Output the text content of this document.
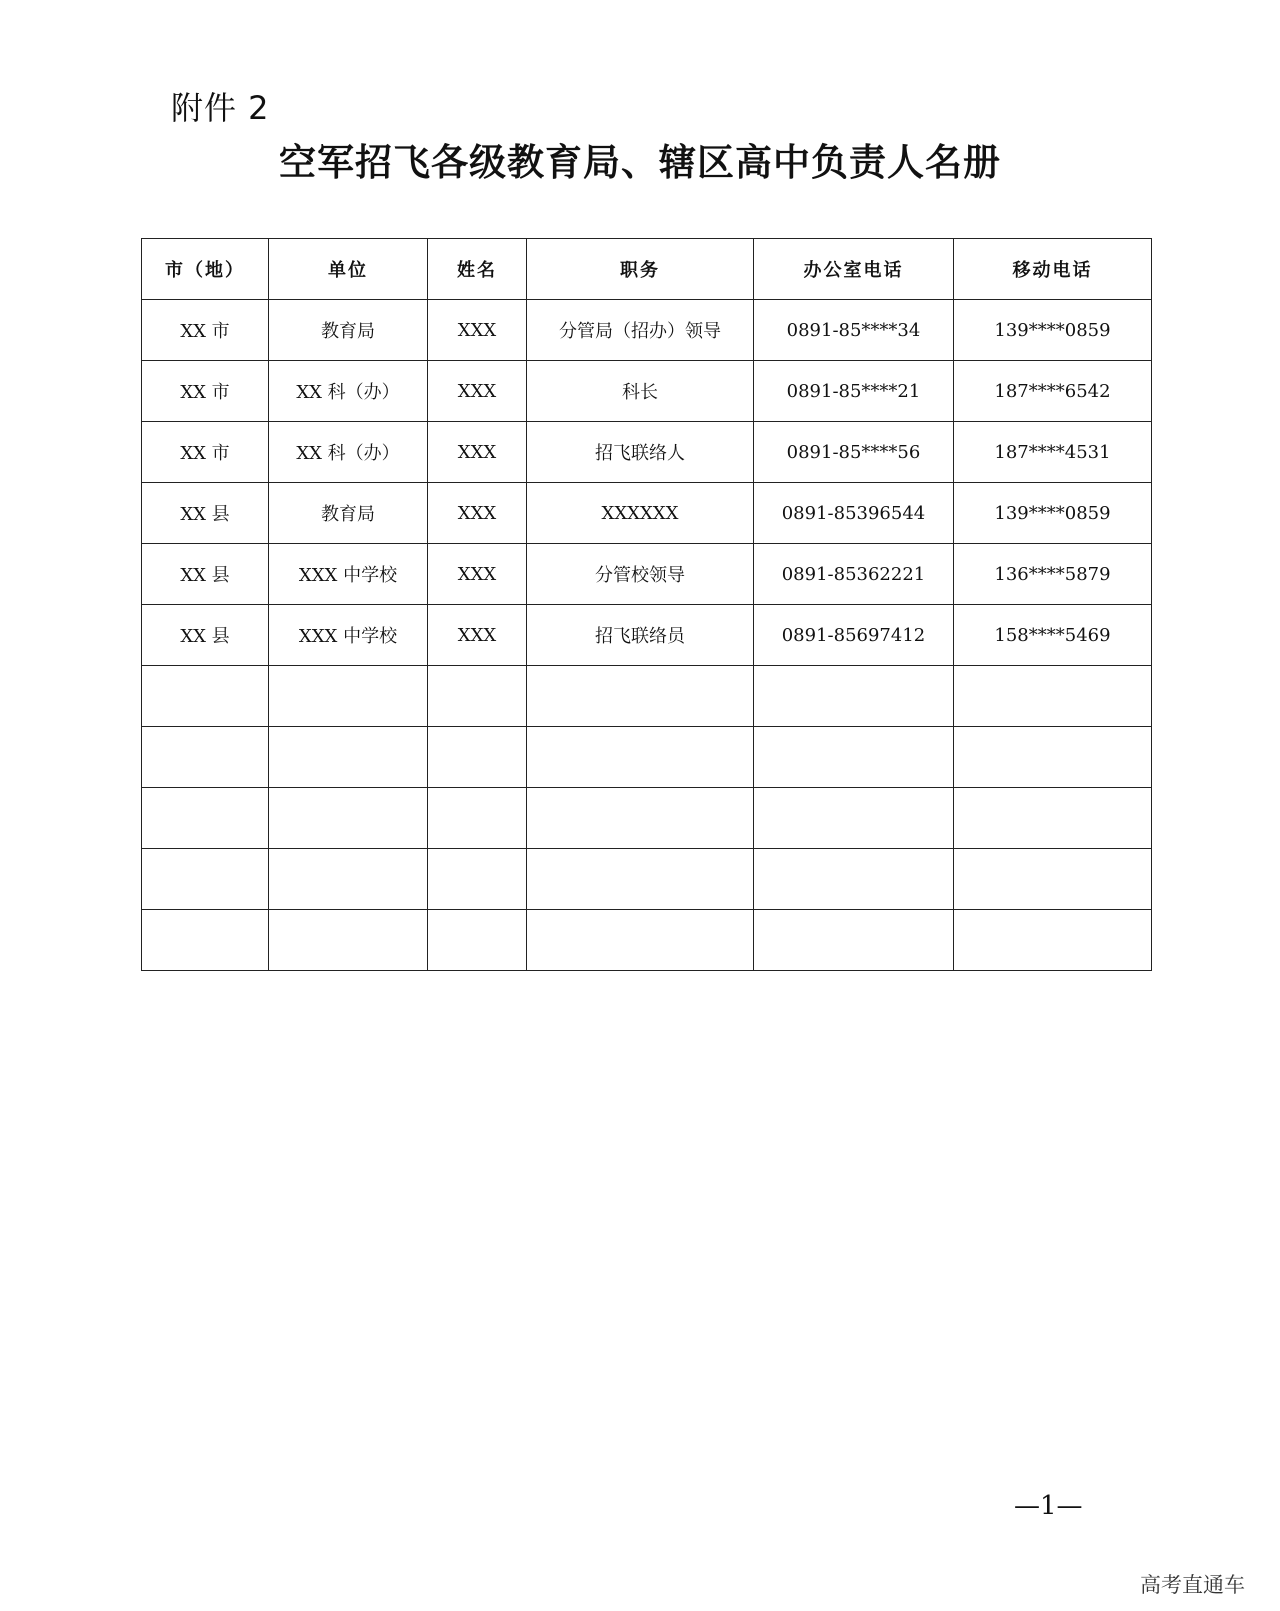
附件 2
空军招飞各级教育局、辖区高中负责人名册
市（地）	单位	姓名	职务	办公室电话	移动电话
XX 市	教育局	XXX	分管局（招办）领导	0891-85****34	139****0859
XX 市	XX 科（办）	XXX	科长	0891-85****21	187****6542
XX 市	XX 科（办）	XXX	招飞联络人	0891-85****56	187****4531
XX 县	教育局	XXX	XXXXXX	0891-85396544	139****0859
XX 县	XXX 中学校	XXX	分管校领导	0891-85362221	136****5879
XX 县	XXX 中学校	XXX	招飞联络员	0891-85697412	158****5469

—1—
高考直通车
